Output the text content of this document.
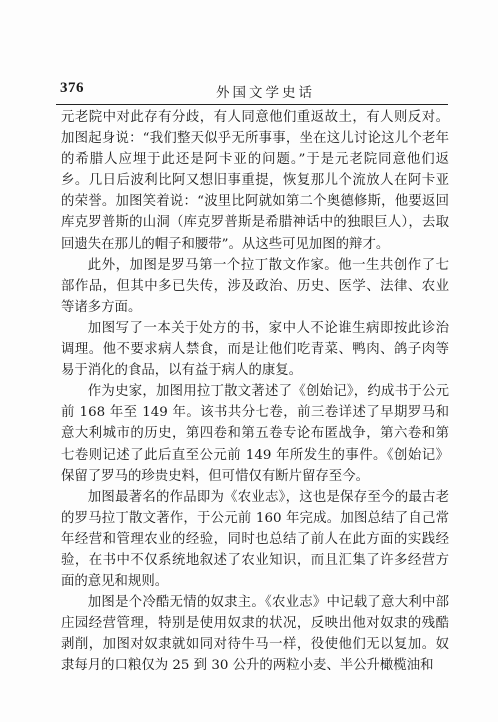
376	外国文学史话

元老院中对此存有分歧，有人同意他们重返故土，有人则反对。加图起身说：“我们整天似乎无所事事，坐在这儿讨论这儿个老年的希腊人应埋于此还是阿卡亚的问题。”于是元老院同意他们返乡。几日后波利比阿又想旧事重提，恢复那儿个流放人在阿卡亚的荣誉。加图笑着说：“波里比阿就如第二个奥德修斯，他要返回库克罗普斯的山洞（库克罗普斯是希腊神话中的独眼巨人），去取回遗失在那儿的帽子和腰带”。从这些可见加图的辩才。

此外，加图是罗马第一个拉丁散文作家。他一生共创作了七部作品，但其中多已失传，涉及政治、历史、医学、法律、农业等诸多方面。

加图写了一本关于处方的书，家中人不论谁生病即按此诊治调理。他不要求病人禁食，而是让他们吃青菜、鸭肉、鸽子肉等易于消化的食品，以有益于病人的康复。

作为史家，加图用拉丁散文著述了《创始记》，约成书于公元前 168 年至 149 年。该书共分七卷，前三卷详述了早期罗马和意大利城市的历史，第四卷和第五卷专论布匿战争，第六卷和第七卷则记述了此后直至公元前 149 年所发生的事件。《创始记》保留了罗马的珍贵史料，但可惜仅有断片留存至今。

加图最著名的作品即为《农业志》，这也是保存至今的最古老的罗马拉丁散文著作，于公元前 160 年完成。加图总结了自己常年经营和管理农业的经验，同时也总结了前人在此方面的实践经验，在书中不仅系统地叙述了农业知识，而且汇集了许多经营方面的意见和规则。

加图是个冷酷无情的奴隶主。《农业志》中记载了意大利中部庄园经营管理，特别是使用奴隶的状况，反映出他对奴隶的残酷剥削，加图对奴隶就如同对待牛马一样，役使他们无以复加。奴隶每月的口粮仅为 25 到 30 公升的两粒小麦、半公升橄榄油和
